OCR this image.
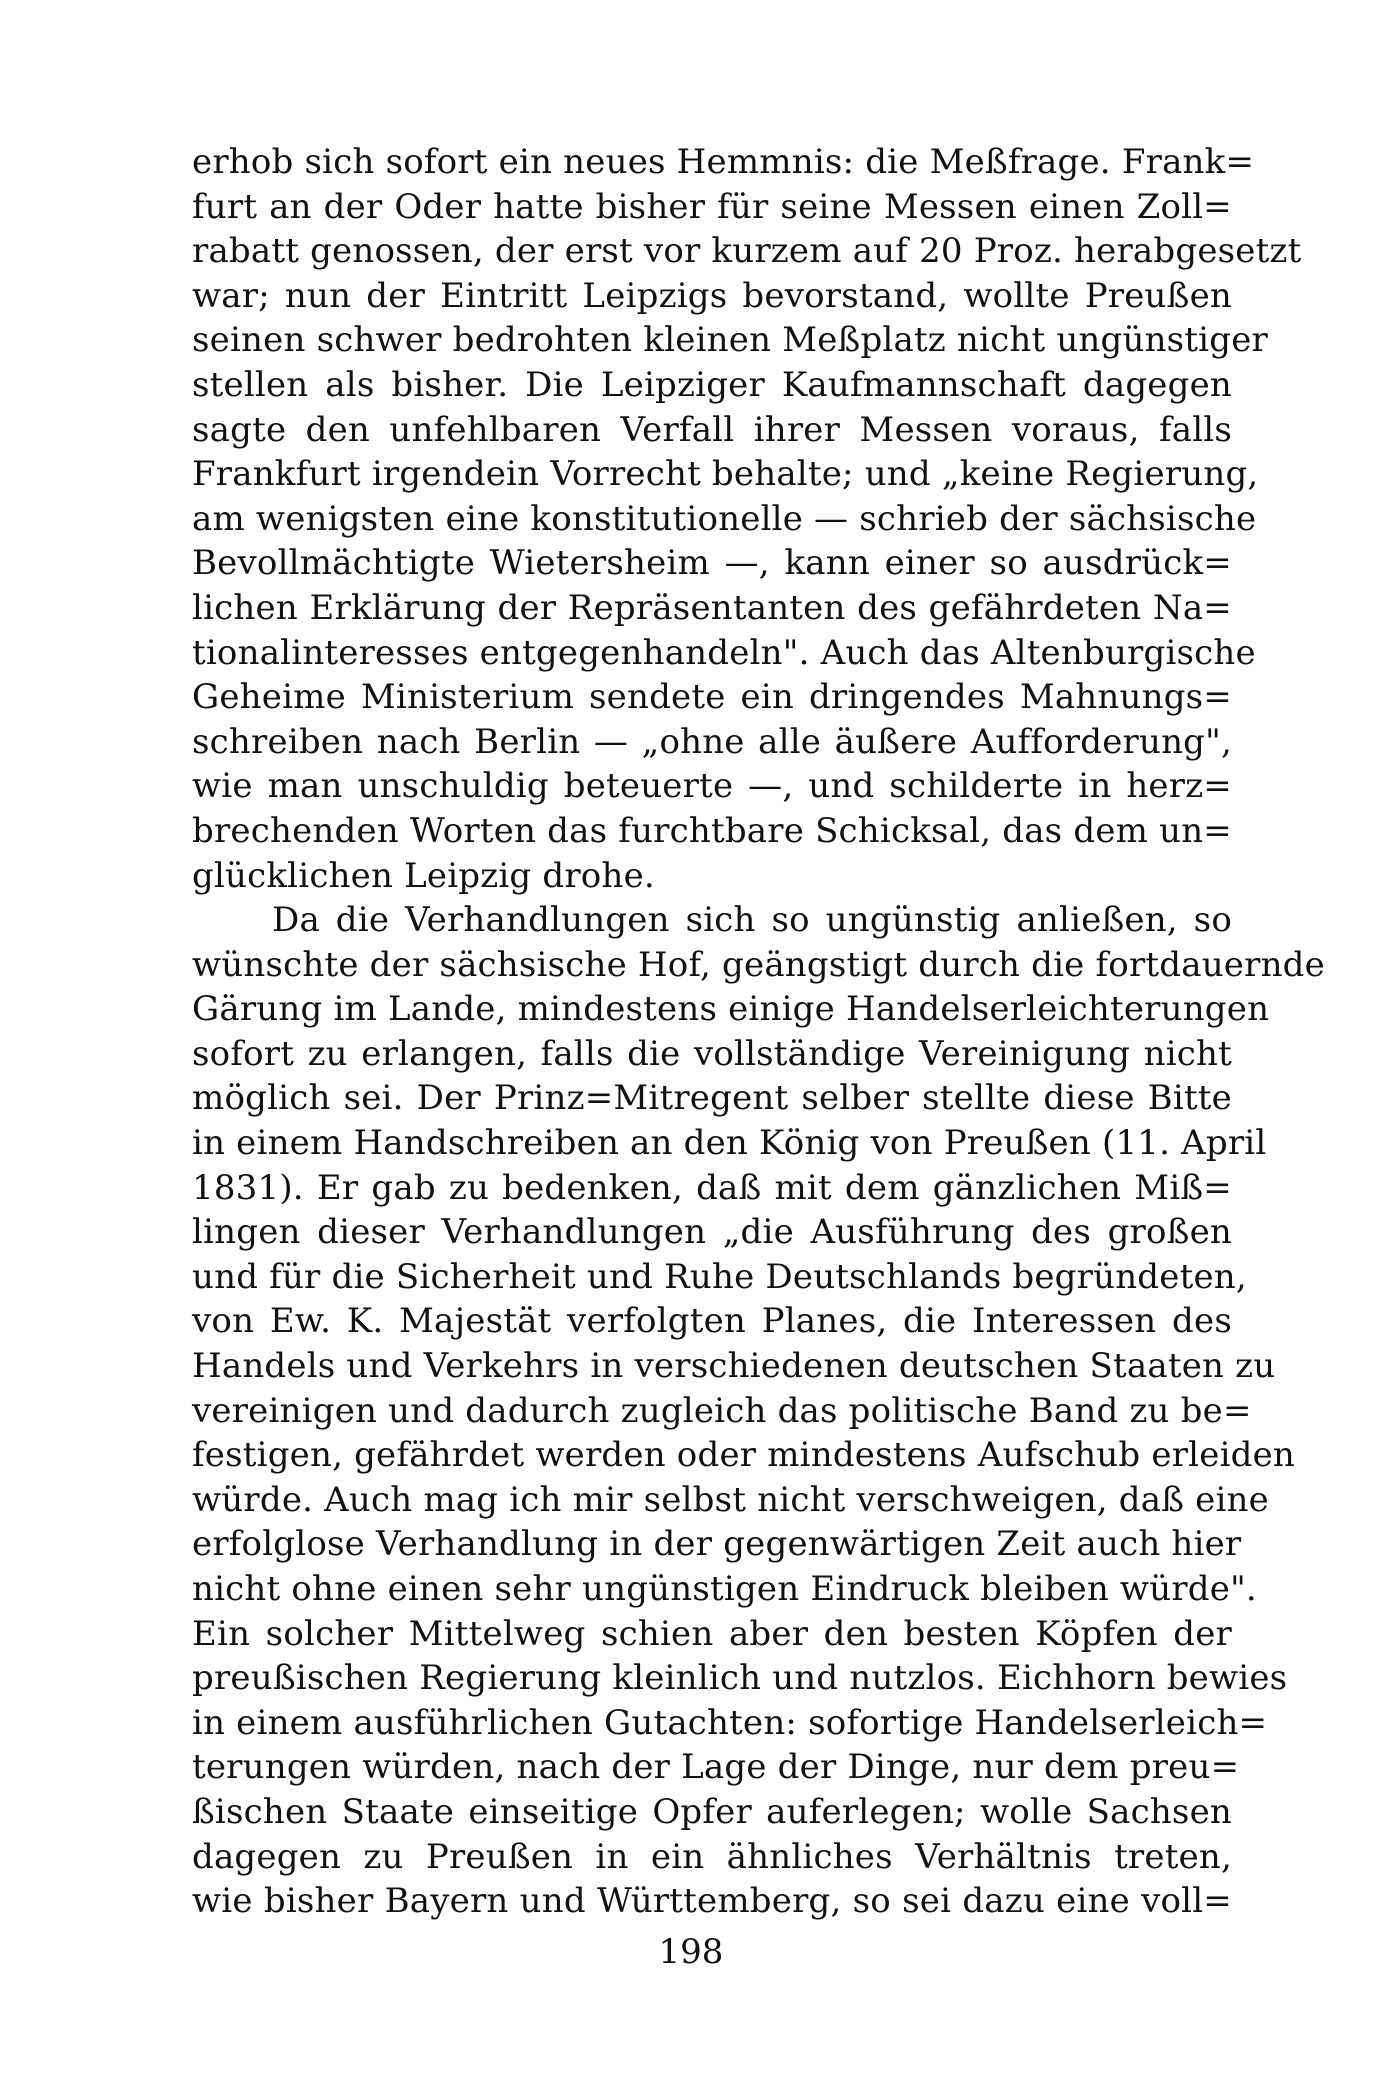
erhob sich sofort ein neues Hemmnis: die Meßfrage. Frank=
furt an der Oder hatte bisher für seine Messen einen Zoll=
rabatt genossen, der erst vor kurzem auf 20 Proz. herabgesetzt
war; nun der Eintritt Leipzigs bevorstand, wollte Preußen
seinen schwer bedrohten kleinen Meßplatz nicht ungünstiger
stellen als bisher. Die Leipziger Kaufmannschaft dagegen
sagte den unfehlbaren Verfall ihrer Messen voraus, falls
Frankfurt irgendein Vorrecht behalte; und „keine Regierung,
am wenigsten eine konstitutionelle — schrieb der sächsische
Bevollmächtigte Wietersheim —, kann einer so ausdrück=
lichen Erklärung der Repräsentanten des gefährdeten Na=
tionalinteresses entgegenhandeln". Auch das Altenburgische
Geheime Ministerium sendete ein dringendes Mahnungs=
schreiben nach Berlin — „ohne alle äußere Aufforderung",
wie man unschuldig beteuerte —, und schilderte in herz=
brechenden Worten das furchtbare Schicksal, das dem un=
glücklichen Leipzig drohe.
Da die Verhandlungen sich so ungünstig anließen, so
wünschte der sächsische Hof, geängstigt durch die fortdauernde
Gärung im Lande, mindestens einige Handelserleichterungen
sofort zu erlangen, falls die vollständige Vereinigung nicht
möglich sei. Der Prinz=Mitregent selber stellte diese Bitte
in einem Handschreiben an den König von Preußen (11. April
1831). Er gab zu bedenken, daß mit dem gänzlichen Miß=
lingen dieser Verhandlungen „die Ausführung des großen
und für die Sicherheit und Ruhe Deutschlands begründeten,
von Ew. K. Majestät verfolgten Planes, die Interessen des
Handels und Verkehrs in verschiedenen deutschen Staaten zu
vereinigen und dadurch zugleich das politische Band zu be=
festigen, gefährdet werden oder mindestens Aufschub erleiden
würde. Auch mag ich mir selbst nicht verschweigen, daß eine
erfolglose Verhandlung in der gegenwärtigen Zeit auch hier
nicht ohne einen sehr ungünstigen Eindruck bleiben würde".
Ein solcher Mittelweg schien aber den besten Köpfen der
preußischen Regierung kleinlich und nutzlos. Eichhorn bewies
in einem ausführlichen Gutachten: sofortige Handelserleich=
terungen würden, nach der Lage der Dinge, nur dem preu=
ßischen Staate einseitige Opfer auferlegen; wolle Sachsen
dagegen zu Preußen in ein ähnliches Verhältnis treten,
wie bisher Bayern und Württemberg, so sei dazu eine voll=
198
